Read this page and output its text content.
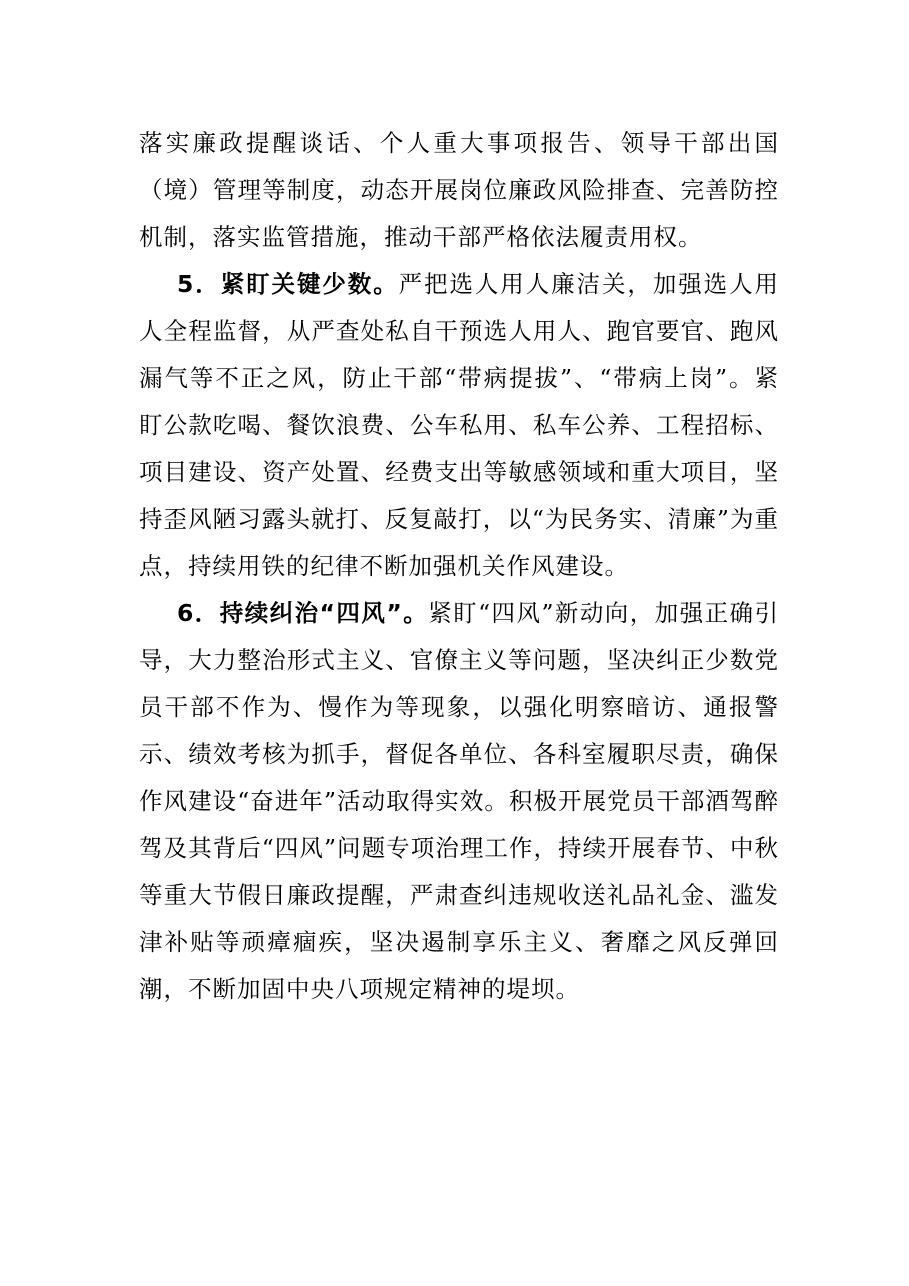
落实廉政提醒谈话、个人重大事项报告、领导干部出国（境）管理等制度，动态开展岗位廉政风险排查、完善防控机制，落实监管措施，推动干部严格依法履责用权。

5．紧盯关键少数。严把选人用人廉洁关，加强选人用人全程监督，从严查处私自干预选人用人、跑官要官、跑风漏气等不正之风，防止干部“带病提拔”、“带病上岗”。紧盯公款吃喝、餐饮浪费、公车私用、私车公养、工程招标、项目建设、资产处置、经费支出等敏感领域和重大项目，坚持歪风陋习露头就打、反复敲打，以“为民务实、清廉”为重点，持续用铁的纪律不断加强机关作风建设。

6．持续纠治“四风”。紧盯“四风”新动向，加强正确引导，大力整治形式主义、官僚主义等问题，坚决纠正少数党员干部不作为、慢作为等现象，以强化明察暗访、通报警示、绩效考核为抓手，督促各单位、各科室履职尽责，确保作风建设“奋进年”活动取得实效。积极开展党员干部酒驾醉驾及其背后“四风”问题专项治理工作，持续开展春节、中秋等重大节假日廉政提醒，严肃查纠违规收送礼品礼金、滥发津补贴等顽瘴痼疾，坚决遏制享乐主义、奢靡之风反弹回潮，不断加固中央八项规定精神的堤坝。
